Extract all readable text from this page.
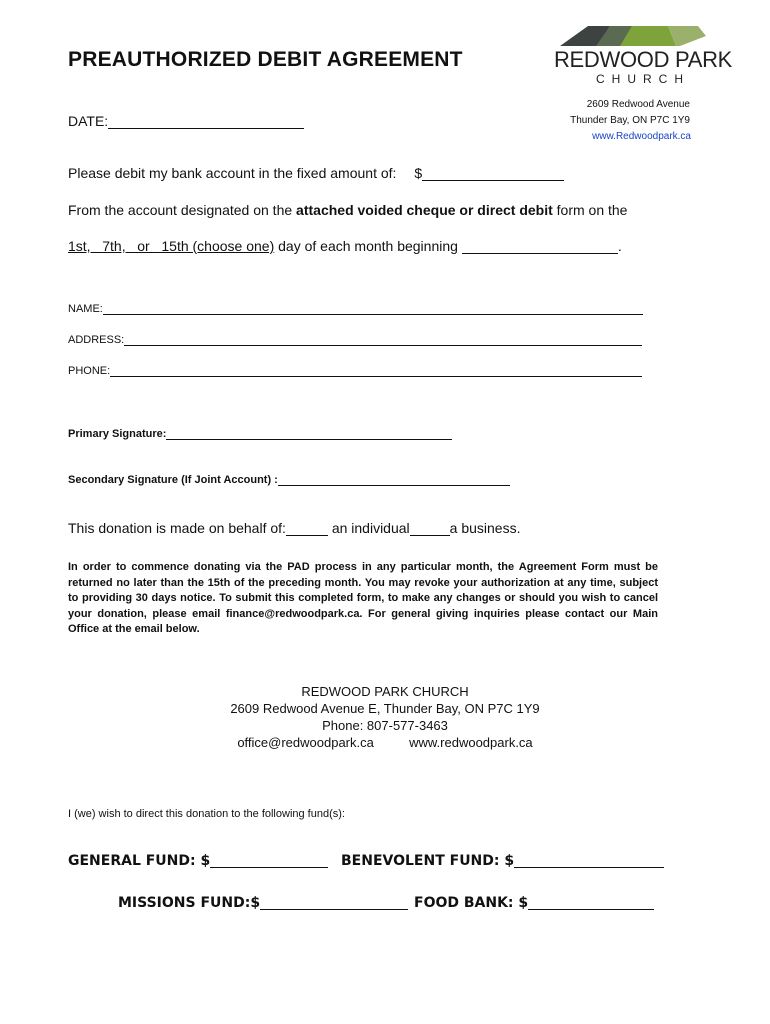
PREAUTHORIZED DEBIT AGREEMENT	REDWOOD PARK
CHURCH
2609 Redwood Avenue
Thunder Bay, ON P7C 1Y9
www.Redwoodpark.ca
DATE:
Please debit my bank account in the fixed amount of: $
From the account designated on the attached voided cheque or direct debit form on the
1st,   7th,   or   15th (choose one) day of each month beginning	.
NAME:
ADDRESS:
PHONE:
Primary Signature:
Secondary Signature (If Joint Account) :
This donation is made on behalf of:	an individual	a business.
In order to commence donating via the PAD process in any particular month, the Agreement Form must be returned no later than the 15th of the preceding month. You may revoke your authorization at any time, subject to providing 30 days notice. To submit this completed form, to make any changes or should you wish to cancel your donation, please email finance@redwoodpark.ca. For general giving inquiries please contact our Main Office at the email below.
REDWOOD PARK CHURCH
2609 Redwood Avenue E, Thunder Bay, ON P7C 1Y9
Phone: 807-577-3463
office@redwoodpark.ca	www.redwoodpark.ca
I (we) wish to direct this donation to the following fund(s):
GENERAL FUND: $	BENEVOLENT FUND: $
MISSIONS FUND:$	FOOD BANK: $
